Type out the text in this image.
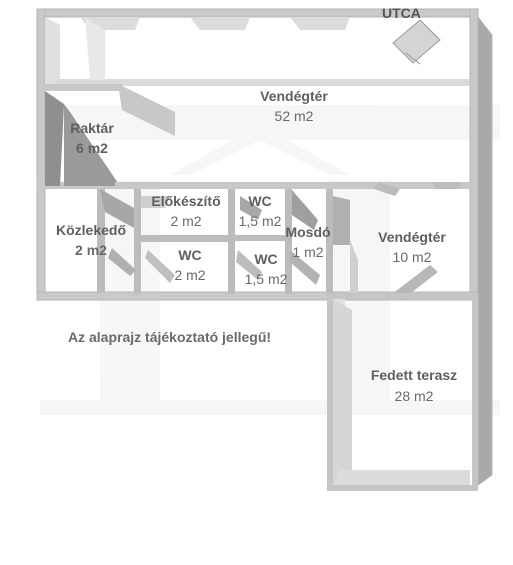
UTCA
Vendégtér
52 m2
Raktár
6 m2
Közlekedő
2 m2
Előkészítő
2 m2
WC
1,5 m2
WC
2 m2
WC
1,5 m2
Mosdó
1 m2
Vendégtér
10 m2
Fedett terasz
28 m2
Az alaprajz tájékoztató jellegű!
